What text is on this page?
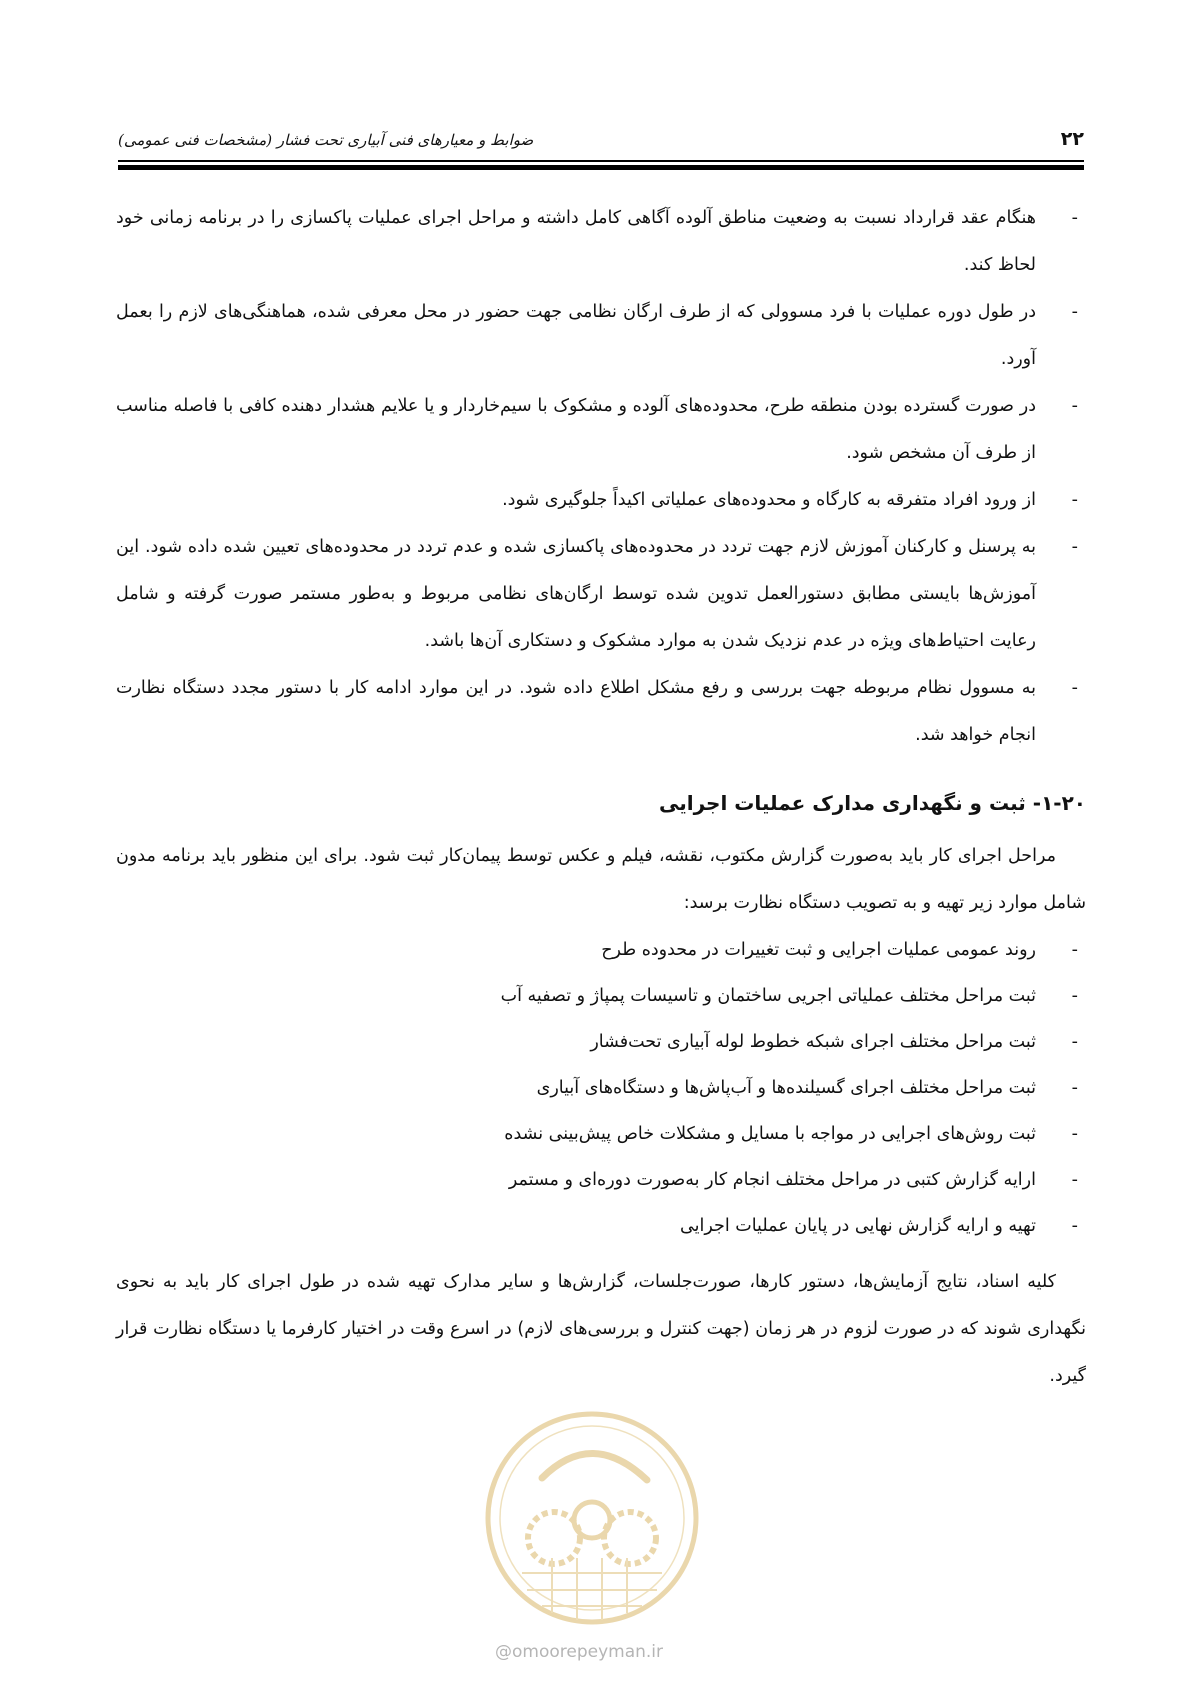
۲۲
ضوابط و معیارهای فنی آبیاری تحت فشار (مشخصات فنی عمومی)
-
هنگام عقد قرارداد نسبت به وضعیت مناطق آلوده آگاهی کامل داشته و مراحل اجرای عملیات پاکسازی را در برنامه زمانی خود لحاظ کند.
-
در طول دوره عملیات با فرد مسوولی که از طرف ارگان نظامی جهت حضور در محل معرفی شده، هماهنگی‌های لازم را بعمل آورد.
-
در صورت گسترده بودن منطقه طرح، محدوده‌های آلوده و مشکوک با سیم‌خاردار و یا علایم هشدار دهنده کافی با فاصله مناسب از طرف آن مشخص شود.
-
از ورود افراد متفرقه به کارگاه و محدوده‌های عملیاتی اکیداً جلوگیری شود.
-
به پرسنل و کارکنان آموزش لازم جهت تردد در محدوده‌های پاکسازی شده و عدم تردد در محدوده‌های تعیین شده داده شود. این آموزش‌ها بایستی مطابق دستورالعمل تدوین شده توسط ارگان‌های نظامی مربوط و به‌طور مستمر صورت گرفته و شامل رعایت احتیاط‌های ویژه در عدم نزدیک شدن به موارد مشکوک و دستکاری آن‌ها باشد.
-
به مسوول نظام مربوطه جهت بررسی و رفع مشکل اطلاع داده شود. در این موارد ادامه کار با دستور مجدد دستگاه نظارت انجام خواهد شد.
۱-۲۰- ثبت و نگهداری مدارک عملیات اجرایی

مراحل اجرای کار باید به‌صورت گزارش مکتوب، نقشه، فیلم و عکس توسط پیمان‌کار ثبت شود. برای این منظور باید برنامه مدون شامل موارد زیر تهیه و به تصویب دستگاه نظارت برسد:

-
روند عمومی عملیات اجرایی و ثبت تغییرات در محدوده طرح
-
ثبت مراحل مختلف عملیاتی اجریی ساختمان و تاسیسات پمپاژ و تصفیه آب
-
ثبت مراحل مختلف اجرای شبکه خطوط لوله آبیاری تحت‌فشار
-
ثبت مراحل مختلف اجرای گسیلنده‌ها و آب‌پاش‌ها و دستگاه‌های آبیاری
-
ثبت روش‌های اجرایی در مواجه با مسایل و مشکلات خاص پیش‌بینی نشده
-
ارایه گزارش کتبی در مراحل مختلف انجام کار به‌صورت دوره‌ای و مستمر
-
تهیه و ارایه گزارش نهایی در پایان عملیات اجرایی

کلیه اسناد، نتایج آزمایش‌ها، دستور کارها، صورت‌جلسات، گزارش‌ها و سایر مدارک تهیه شده در طول اجرای کار باید به نحوی نگهداری شوند که در صورت لزوم در هر زمان (جهت کنترل و بررسی‌های لازم) در اسرع وقت در اختیار کارفرما یا دستگاه نظارت قرار گیرد.

@omoorepeyman.ir
